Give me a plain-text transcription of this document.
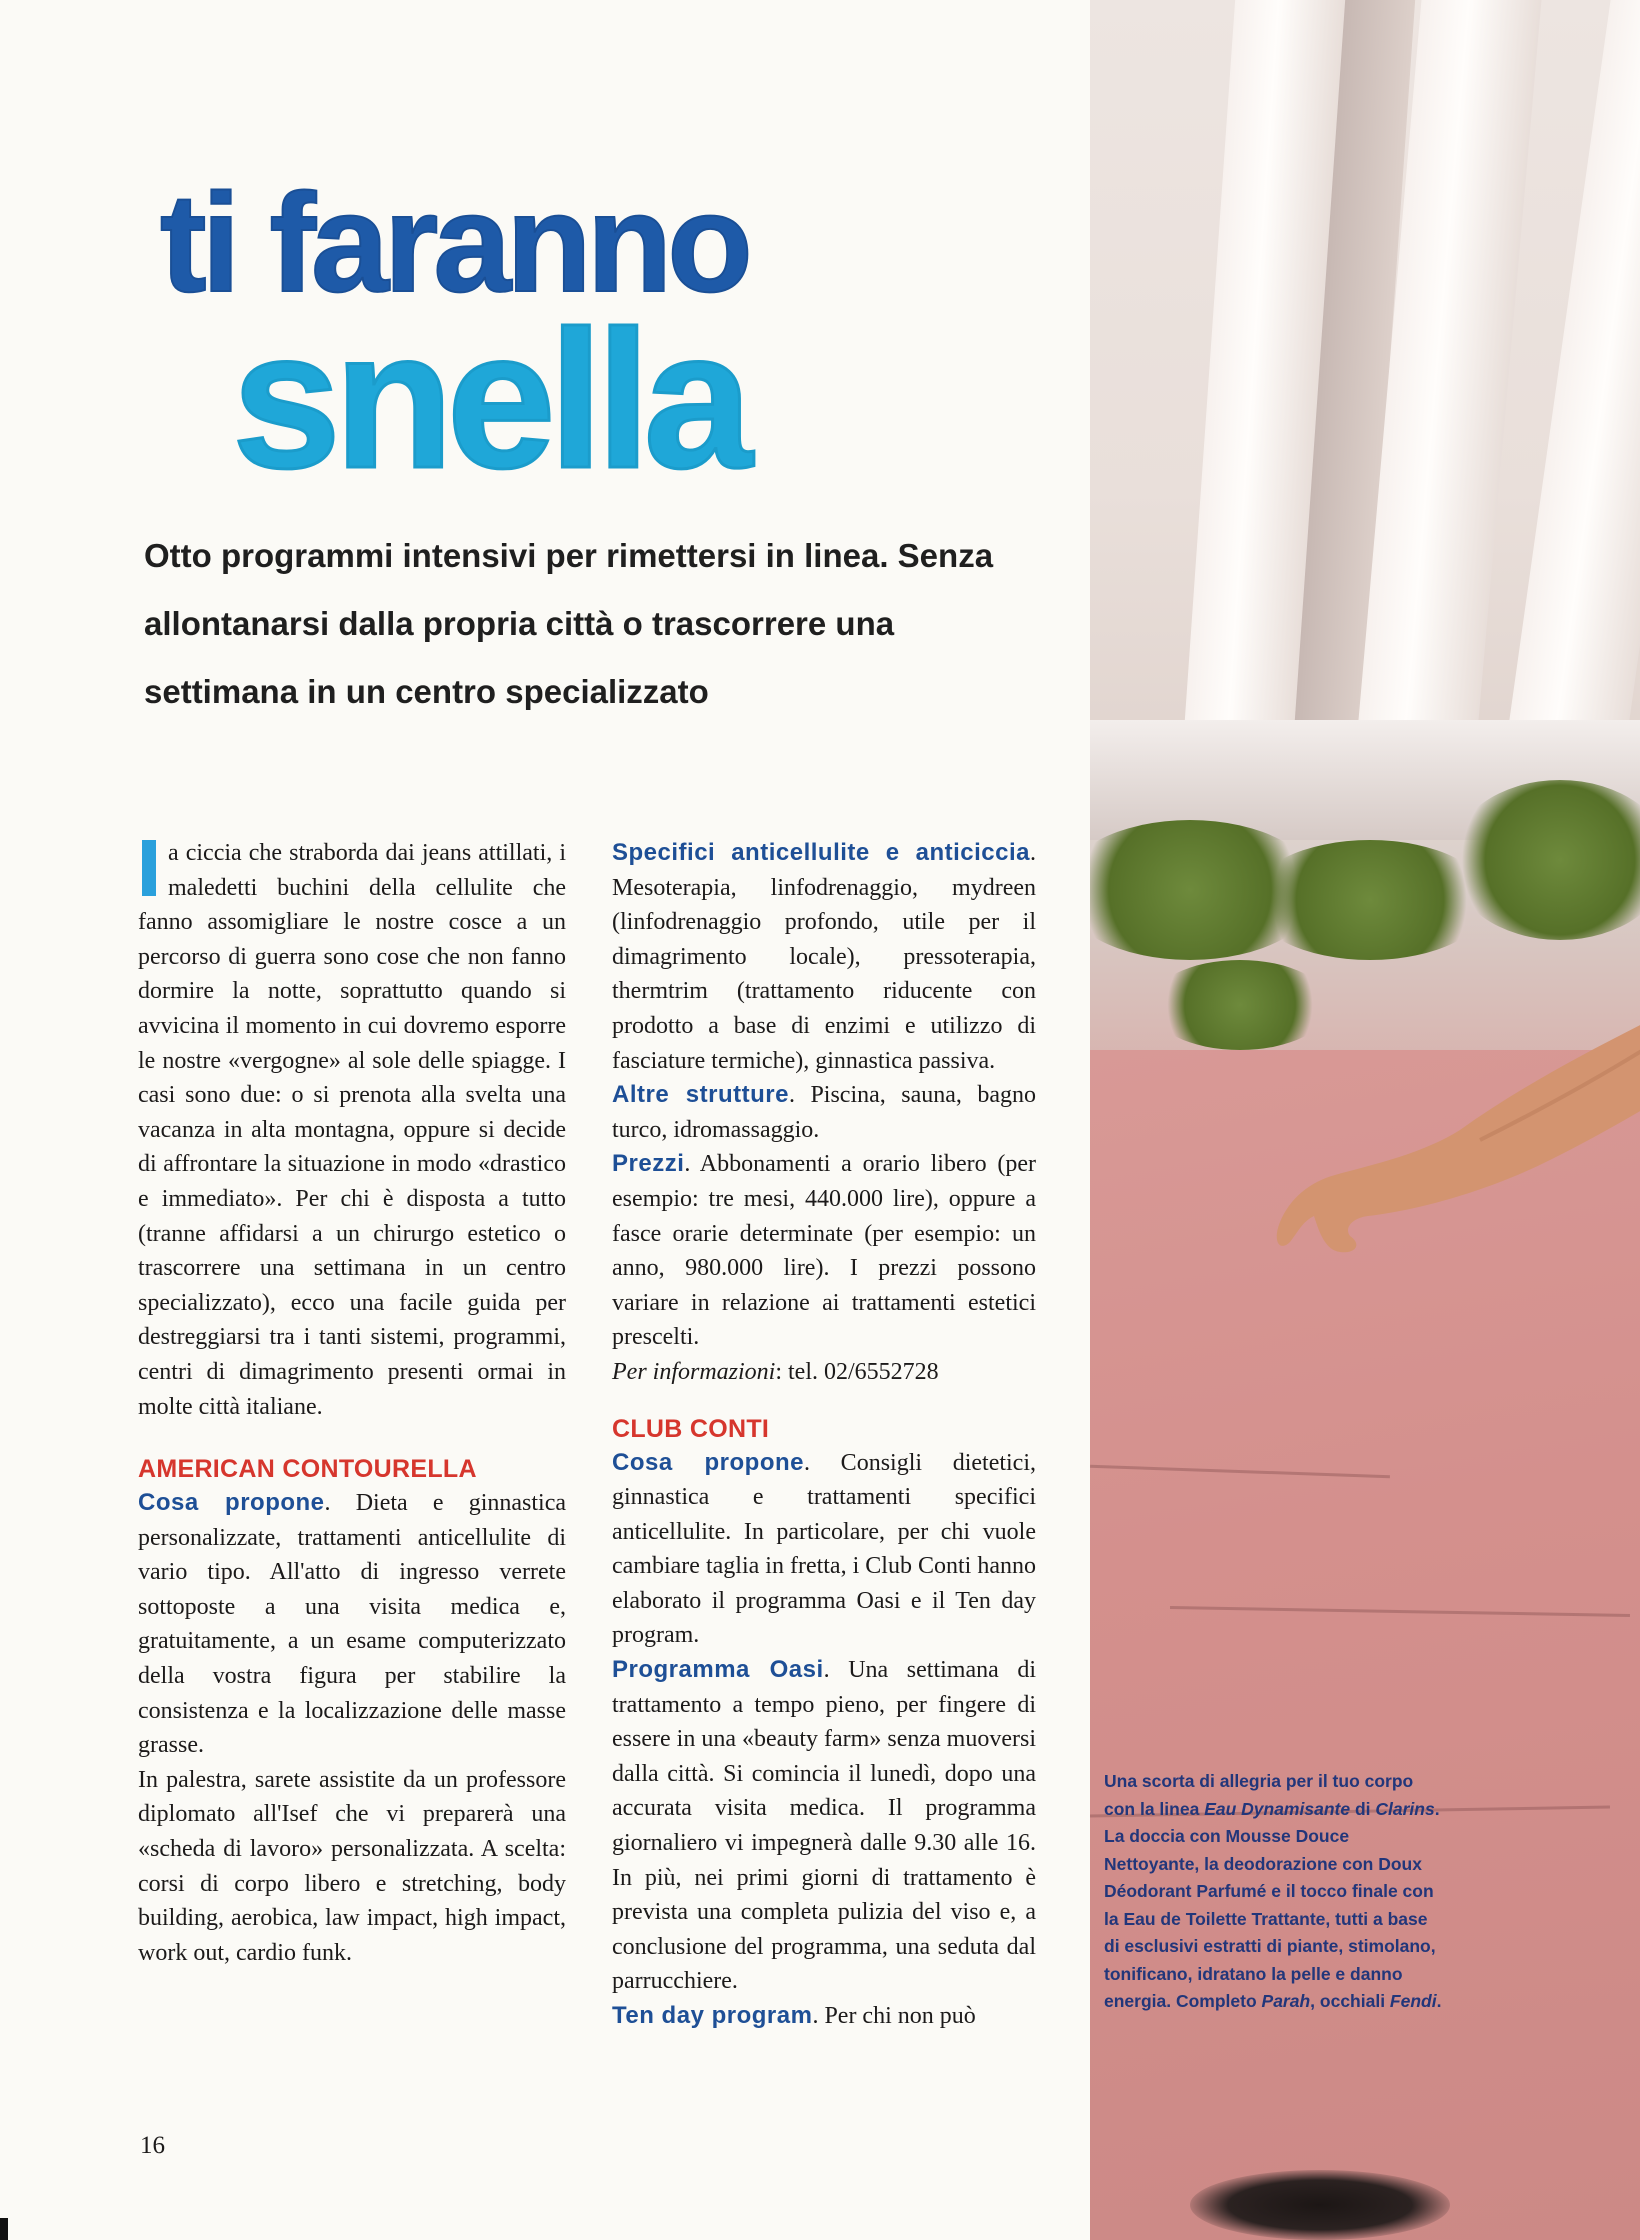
Una scorta di allegria per il tuo corpo con la linea Eau Dynamisante di Clarins. La doccia con Mousse Douce Nettoyante, la deodorazione con Doux Déodorant Parfumé e il tocco finale con la Eau de Toilette Trattante, tutti a base di esclusivi estratti di piante, stimolano, tonificano, idratano la pelle e danno energia. Completo Parah, occhiali Fendi.

ti faranno
snella

Otto programmi intensivi per rimettersi in linea. Senza allontanarsi dalla propria città o trascorrere una settimana in un centro specializzato

a ciccia che straborda dai jeans attillati, i maledetti buchini della cellulite che fanno assomigliare le nostre cosce a un percorso di guerra sono cose che non fanno dormire la notte, soprattutto quando si avvicina il momento in cui dovremo esporre le nostre «vergogne» al sole delle spiagge. I casi sono due: o si prenota alla svelta una vacanza in alta montagna, oppure si decide di affrontare la situazione in modo «drastico e immediato». Per chi è disposta a tutto (tranne affidarsi a un chirurgo estetico o trascorrere una settimana in un centro specializzato), ecco una facile guida per destreggiarsi tra i tanti sistemi, programmi, centri di dimagrimento presenti ormai in molte città italiane.

AMERICAN CONTOURELLA

Cosa propone. Dieta e ginnastica personalizzate, trattamenti anticellulite di vario tipo. All'atto di ingresso verrete sottoposte a una visita medica e, gratuitamente, a un esame computerizzato della vostra figura per stabilire la consistenza e la localizzazione delle masse grasse.

In palestra, sarete assistite da un professore diplomato all'Isef che vi preparerà una «scheda di lavoro» personalizzata. A scelta: corsi di corpo libero e stretching, body building, aerobica, law impact, high impact, work out, cardio funk.

Specifici anticellulite e anticiccia. Mesoterapia, linfodrenaggio, mydreen (linfodrenaggio profondo, utile per il dimagrimento locale), pressoterapia, thermtrim (trattamento riducente con prodotto a base di enzimi e utilizzo di fasciature termiche), ginnastica passiva.

Altre strutture. Piscina, sauna, bagno turco, idromassaggio.

Prezzi. Abbonamenti a orario libero (per esempio: tre mesi, 440.000 lire), oppure a fasce orarie determinate (per esempio: un anno, 980.000 lire). I prezzi possono variare in relazione ai trattamenti estetici prescelti.

Per informazioni: tel. 02/6552728

CLUB CONTI

Cosa propone. Consigli dietetici, ginnastica e trattamenti specifici anticellulite. In particolare, per chi vuole cambiare taglia in fretta, i Club Conti hanno elaborato il programma Oasi e il Ten day program.

Programma Oasi. Una settimana di trattamento a tempo pieno, per fingere di essere in una «beauty farm» senza muoversi dalla città. Si comincia il lunedì, dopo una accurata visita medica. Il programma giornaliero vi impegnerà dalle 9.30 alle 16. In più, nei primi giorni di trattamento è prevista una completa pulizia del viso e, a conclusione del programma, una seduta dal parrucchiere.

Ten day program. Per chi non può

16
